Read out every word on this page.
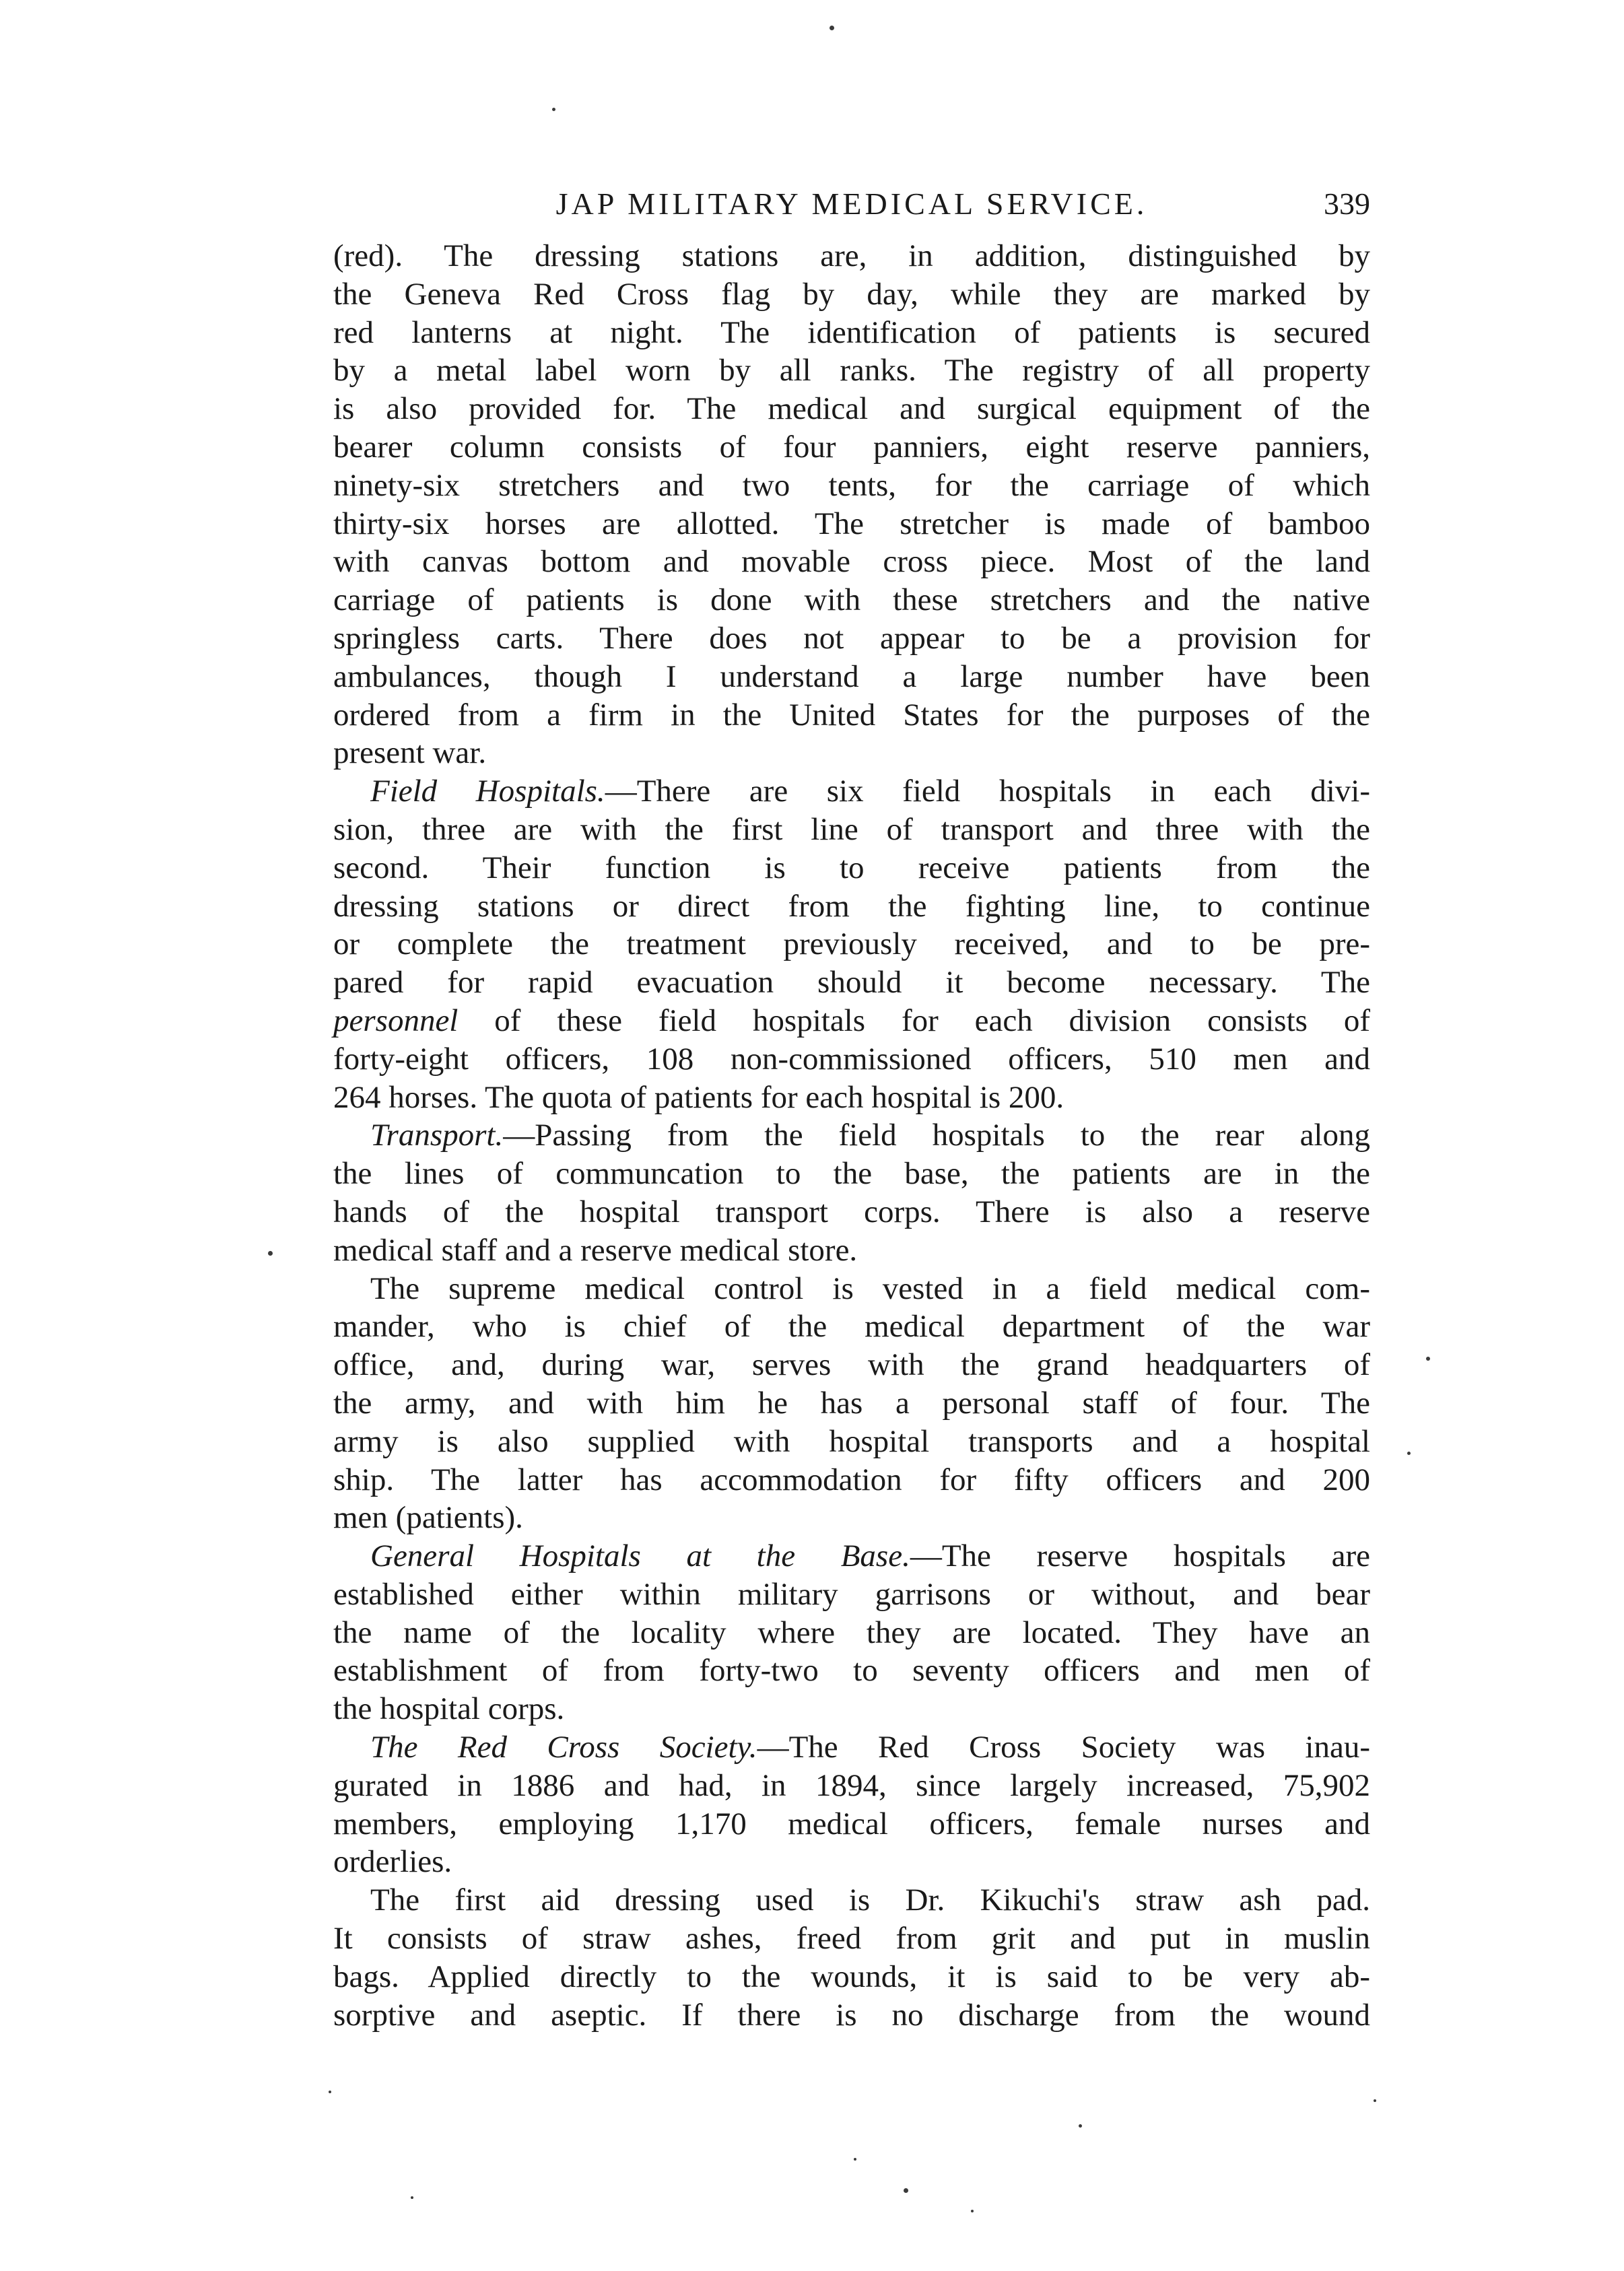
JAP MILITARY MEDICAL SERVICE.	339
(red). The dressing stations are, in addition, distinguished by
the Geneva Red Cross flag by day, while they are marked by
red lanterns at night. The identification of patients is secured
by a metal label worn by all ranks. The registry of all property
is also provided for. The medical and surgical equipment of the
bearer column consists of four panniers, eight reserve panniers,
ninety-six stretchers and two tents, for the carriage of which
thirty-six horses are allotted. The stretcher is made of bamboo
with canvas bottom and movable cross piece. Most of the land
carriage of patients is done with these stretchers and the native
springless carts. There does not appear to be a provision for
ambulances, though I understand a large number have been
ordered from a firm in the United States for the purposes of the
present war.
Field Hospitals.—There are six field hospitals in each divi-
sion, three are with the first line of transport and three with the
second. Their function is to receive patients from the
dressing stations or direct from the fighting line, to continue
or complete the treatment previously received, and to be pre-
pared for rapid evacuation should it become necessary. The
personnel of these field hospitals for each division consists of
forty-eight officers, 108 non-commissioned officers, 510 men and
264 horses. The quota of patients for each hospital is 200.
Transport.—Passing from the field hospitals to the rear along
the lines of communcation to the base, the patients are in the
hands of the hospital transport corps. There is also a reserve
medical staff and a reserve medical store.
The supreme medical control is vested in a field medical com-
mander, who is chief of the medical department of the war
office, and, during war, serves with the grand headquarters of
the army, and with him he has a personal staff of four. The
army is also supplied with hospital transports and a hospital
ship. The latter has accommodation for fifty officers and 200
men (patients).
General Hospitals at the Base.—The reserve hospitals are
established either within military garrisons or without, and bear
the name of the locality where they are located. They have an
establishment of from forty-two to seventy officers and men of
the hospital corps.
The Red Cross Society.—The Red Cross Society was inau-
gurated in 1886 and had, in 1894, since largely increased, 75,902
members, employing 1,170 medical officers, female nurses and
orderlies.
The first aid dressing used is Dr. Kikuchi's straw ash pad.
It consists of straw ashes, freed from grit and put in muslin
bags. Applied directly to the wounds, it is said to be very ab-
sorptive and aseptic. If there is no discharge from the wound
